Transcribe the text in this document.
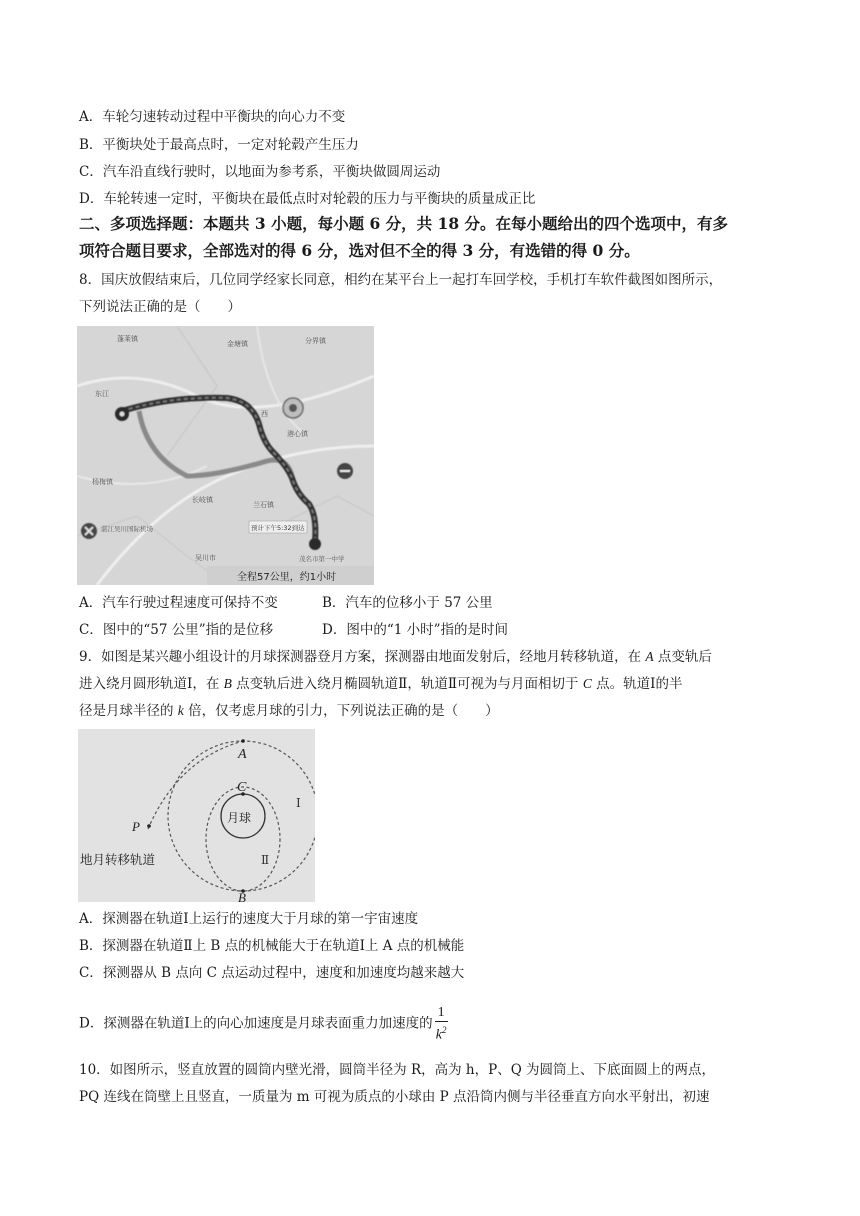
A．车轮匀速转动过程中平衡块的向心力不变
B．平衡块处于最高点时，一定对轮毂产生压力
C．汽车沿直线行驶时，以地面为参考系，平衡块做圆周运动
D．车轮转速一定时，平衡块在最低点时对轮毂的压力与平衡块的质量成正比
二、多项选择题：本题共 3 小题，每小题 6 分，共 18 分。在每小题给出的四个选项中，有多
项符合题目要求，全部选对的得 6 分，选对但不全的得 3 分，有选错的得 0 分。
8．国庆放假结束后，几位同学经家长同意，相约在某平台上一起打车回学校，手机打车软件截图如图所示，
下列说法正确的是（　　）
蓬莱镇
东江
金塘镇	分界镇
西
港心镇
杨梅镇
长岐镇
兰石镇
湛江吴川国际机场
吴川市	茂名市第一中学
预计下午5:32到达
全程57公里，约1小时
A．汽车行驶过程速度可保持不变	B．汽车的位移小于 57 公里
C．图中的“57 公里”指的是位移	D．图中的“1 小时”指的是时间
9．如图是某兴趣小组设计的月球探测器登月方案，探测器由地面发射后，经地月转移轨道，在 A 点变轨后
进入绕月圆形轨道Ⅰ，在 B 点变轨后进入绕月椭圆轨道Ⅱ，轨道Ⅱ可视为与月面相切于 C 点。轨道Ⅰ的半
径是月球半径的 k 倍，仅考虑月球的引力，下列说法正确的是（　　）
A
C
B
P
月球
Ⅰ
Ⅱ
地月转移轨道
A．探测器在轨道Ⅰ上运行的速度大于月球的第一宇宙速度
B．探测器在轨道Ⅱ上 B 点的机械能大于在轨道Ⅰ上 A 点的机械能
C．探测器从 B 点向 C 点运动过程中，速度和加速度均越来越大
D．探测器在轨道Ⅰ上的向心加速度是月球表面重力加速度的 $\frac{1}{k^2}$
10．如图所示，竖直放置的圆筒内壁光滑，圆筒半径为 R，高为 h，P、Q 为圆筒上、下底面圆上的两点，
PQ 连线在筒壁上且竖直，一质量为 m 可视为质点的小球由 P 点沿筒内侧与半径垂直方向水平射出，初速
